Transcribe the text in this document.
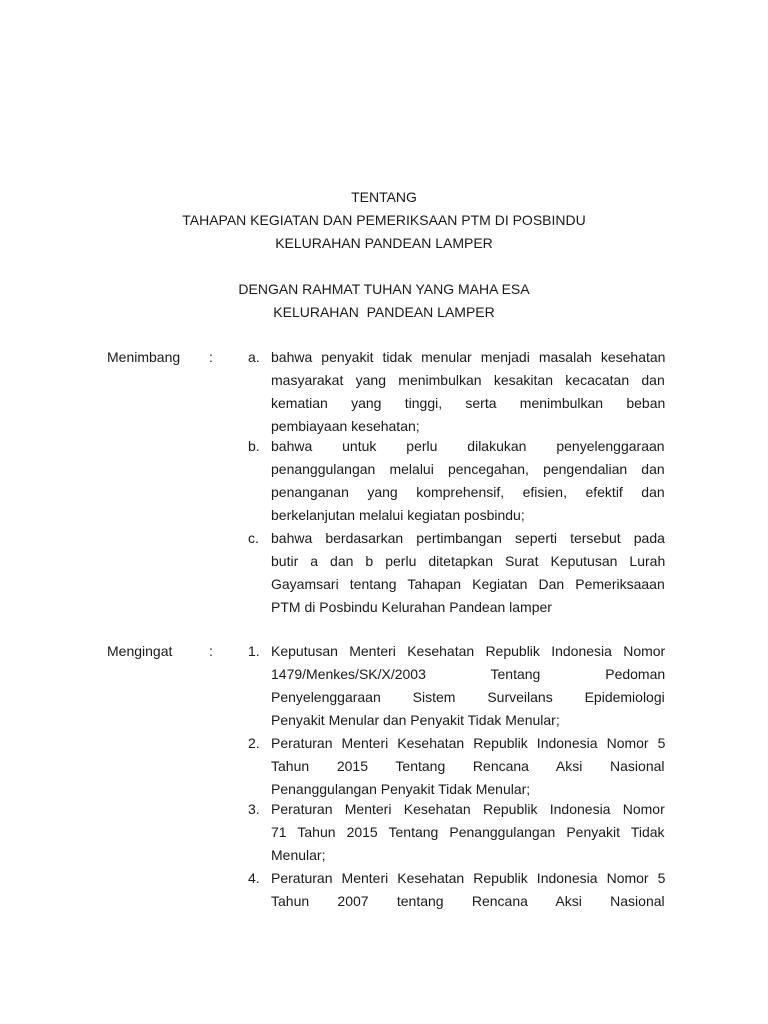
TENTANG
TAHAPAN KEGIATAN DAN PEMERIKSAAN PTM DI POSBINDU
KELURAHAN PANDEAN LAMPER
DENGAN RAHMAT TUHAN YANG MAHA ESA
KELURAHAN  PANDEAN LAMPER
Menimbang :	a. bahwa penyakit tidak menular menjadi masalah kesehatan
masyarakat yang menimbulkan kesakitan kecacatan dan
kematian yang tinggi, serta menimbulkan beban
pembiayaan kesehatan;
b. bahwa untuk perlu dilakukan penyelenggaraan
penanggulangan melalui pencegahan, pengendalian dan
penanganan yang komprehensif, efisien, efektif dan
berkelanjutan melalui kegiatan posbindu;
c. bahwa berdasarkan pertimbangan seperti tersebut pada
butir a dan b perlu ditetapkan Surat Keputusan Lurah
Gayamsari tentang Tahapan Kegiatan Dan Pemeriksaaan
PTM di Posbindu Kelurahan Pandean lamper
Mengingat	:	1. Keputusan Menteri Kesehatan Republik Indonesia Nomor
1479/Menkes/SK/X/2003 Tentang Pedoman
Penyelenggaraan Sistem Surveilans Epidemiologi
Penyakit Menular dan Penyakit Tidak Menular;
2. Peraturan Menteri Kesehatan Republik Indonesia Nomor 5
Tahun 2015 Tentang Rencana Aksi Nasional
Penanggulangan Penyakit Tidak Menular;
3. Peraturan Menteri Kesehatan Republik Indonesia Nomor
71 Tahun 2015 Tentang Penanggulangan Penyakit Tidak
Menular;
4. Peraturan Menteri Kesehatan Republik Indonesia Nomor 5
Tahun 2007 tentang Rencana Aksi Nasional
